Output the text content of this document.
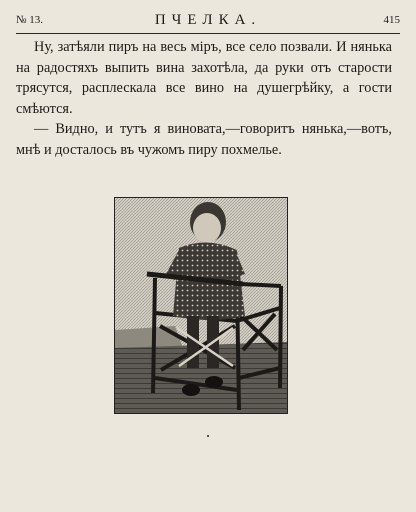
№ 13.	ПЧЕЛКА.	415

Ну, затѣяли пиръ на весь міръ, все село позвали. И нянька на радостяхъ выпить вина захотѣла, да руки отъ старости трясутся, расплескала все вино на душегрѣйку, а гости смѣются.

— Видно, и тутъ я виновата,—говоритъ нянька,—вотъ, мнѣ и досталось въ чужомъ пиру похмелье.

•
